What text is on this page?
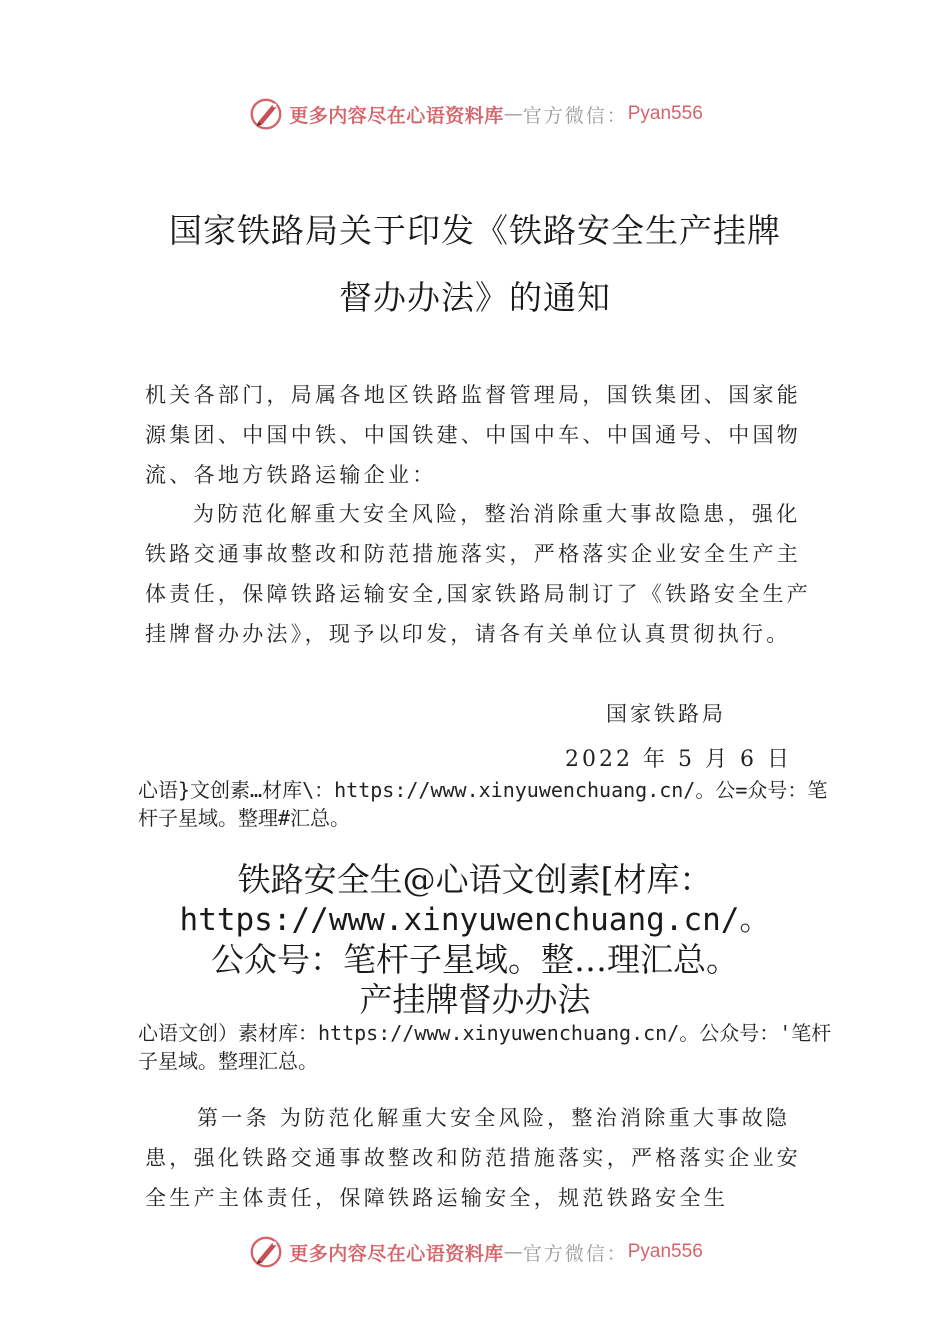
更多内容尽在心语资料库 — 官方微信： Pyan556
国家铁路局关于印发《铁路安全生产挂牌
督办办法》的通知
机关各部门，局属各地区铁路监督管理局，国铁集团、国家能源集团、中国中铁、中国铁建、中国中车、中国通号、中国物流、各地方铁路运输企业：
为防范化解重大安全风险，整治消除重大事故隐患，强化铁路交通事故整改和防范措施落实，严格落实企业安全生产主体责任，保障铁路运输安全,国家铁路局制订了《铁路安全生产挂牌督办办法》，现予以印发，请各有关单位认真贯彻执行。
国家铁路局
2022 年 5 月 6 日
心语}文创素…材库\：https://www.xinyuwenchuang.cn/。公=众号：笔杆子星域。整理#汇总。
铁路安全生@心语文创素[材库：
https://www.xinyuwenchuang.cn/。
公众号：笔杆子星域。整…理汇总。
产挂牌督办办法
心语文创）素材库：https://www.xinyuwenchuang.cn/。公众号：'笔杆子星域。整理汇总。
第一条 为防范化解重大安全风险，整治消除重大事故隐患，强化铁路交通事故整改和防范措施落实，严格落实企业安全生产主体责任，保障铁路运输安全，规范铁路安全生
更多内容尽在心语资料库 — 官方微信： Pyan556
